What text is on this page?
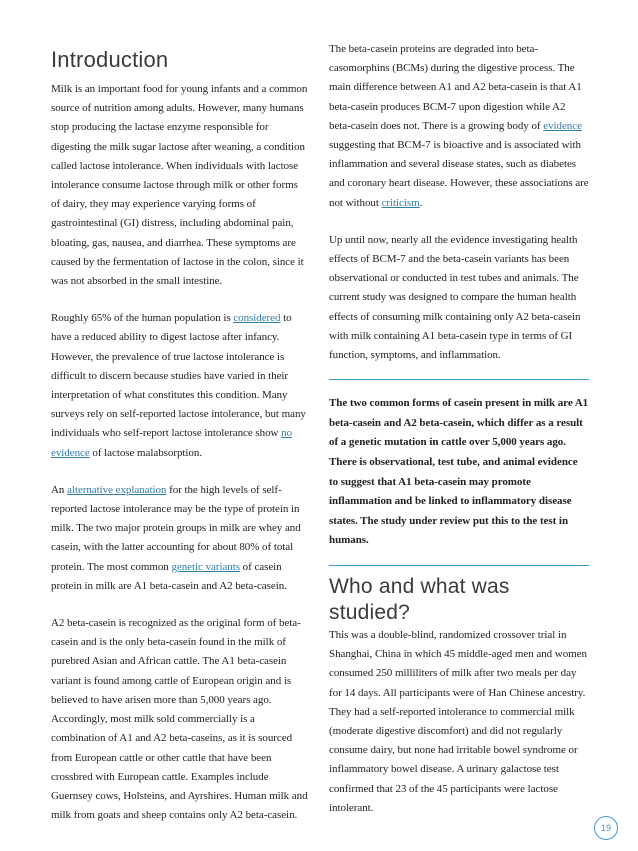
Introduction

Milk is an important food for young infants and a common source of nutrition among adults. However, many humans stop producing the lactase enzyme responsible for digesting the milk sugar lactose after weaning, a condition called lactose intolerance. When individuals with lactose intolerance consume lactose through milk or other forms of dairy, they may experience varying forms of gastrointestinal (GI) distress, including abdominal pain, bloating, gas, nausea, and diarrhea. These symptoms are caused by the fermentation of lactose in the colon, since it was not absorbed in the small intestine.

Roughly 65% of the human population is considered to have a reduced ability to digest lactose after infancy. However, the prevalence of true lactose intolerance is difficult to discern because studies have varied in their interpretation of what constitutes this condition. Many surveys rely on self-reported lactose intolerance, but many individuals who self-report lactose intolerance show no evidence of lactose malabsorption.

An alternative explanation for the high levels of self-reported lactose intolerance may be the type of protein in milk. The two major protein groups in milk are whey and casein, with the latter accounting for about 80% of total protein. The most common genetic variants of casein protein in milk are A1 beta-casein and A2 beta-casein.

A2 beta-casein is recognized as the original form of beta-casein and is the only beta-casein found in the milk of purebred Asian and African cattle. The A1 beta-casein variant is found among cattle of European origin and is believed to have arisen more than 5,000 years ago. Accordingly, most milk sold commercially is a combination of A1 and A2 beta-caseins, as it is sourced from European cattle or other cattle that have been crossbred with European cattle. Examples include Guernsey cows, Holsteins, and Ayrshires. Human milk and milk from goats and sheep contains only A2 beta-casein.

The beta-casein proteins are degraded into beta-casomorphins (BCMs) during the digestive process. The main difference between A1 and A2 beta-casein is that A1 beta-casein produces BCM-7 upon digestion while A2 beta-casein does not. There is a growing body of evidence suggesting that BCM-7 is bioactive and is associated with inflammation and several disease states, such as diabetes and coronary heart disease. However, these associations are not without criticism.

Up until now, nearly all the evidence investigating health effects of BCM-7 and the beta-casein variants has been observational or conducted in test tubes and animals. The current study was designed to compare the human health effects of consuming milk containing only A2 beta-casein with milk containing A1 beta-casein type in terms of GI function, symptoms, and inflammation.

The two common forms of casein present in milk are A1 beta-casein and A2 beta-casein, which differ as a result of a genetic mutation in cattle over 5,000 years ago. There is observational, test tube, and animal evidence to suggest that A1 beta-casein may promote inflammation and be linked to inflammatory disease states. The study under review put this to the test in humans.

Who and what was studied?

This was a double-blind, randomized crossover trial in Shanghai, China in which 45 middle-aged men and women consumed 250 milliliters of milk after two meals per day for 14 days. All participants were of Han Chinese ancestry. They had a self-reported intolerance to commercial milk (moderate digestive discomfort) and did not regularly consume dairy, but none had irritable bowel syndrome or inflammatory bowel disease. A urinary galactose test confirmed that 23 of the 45 participants were lactose intolerant.

19
